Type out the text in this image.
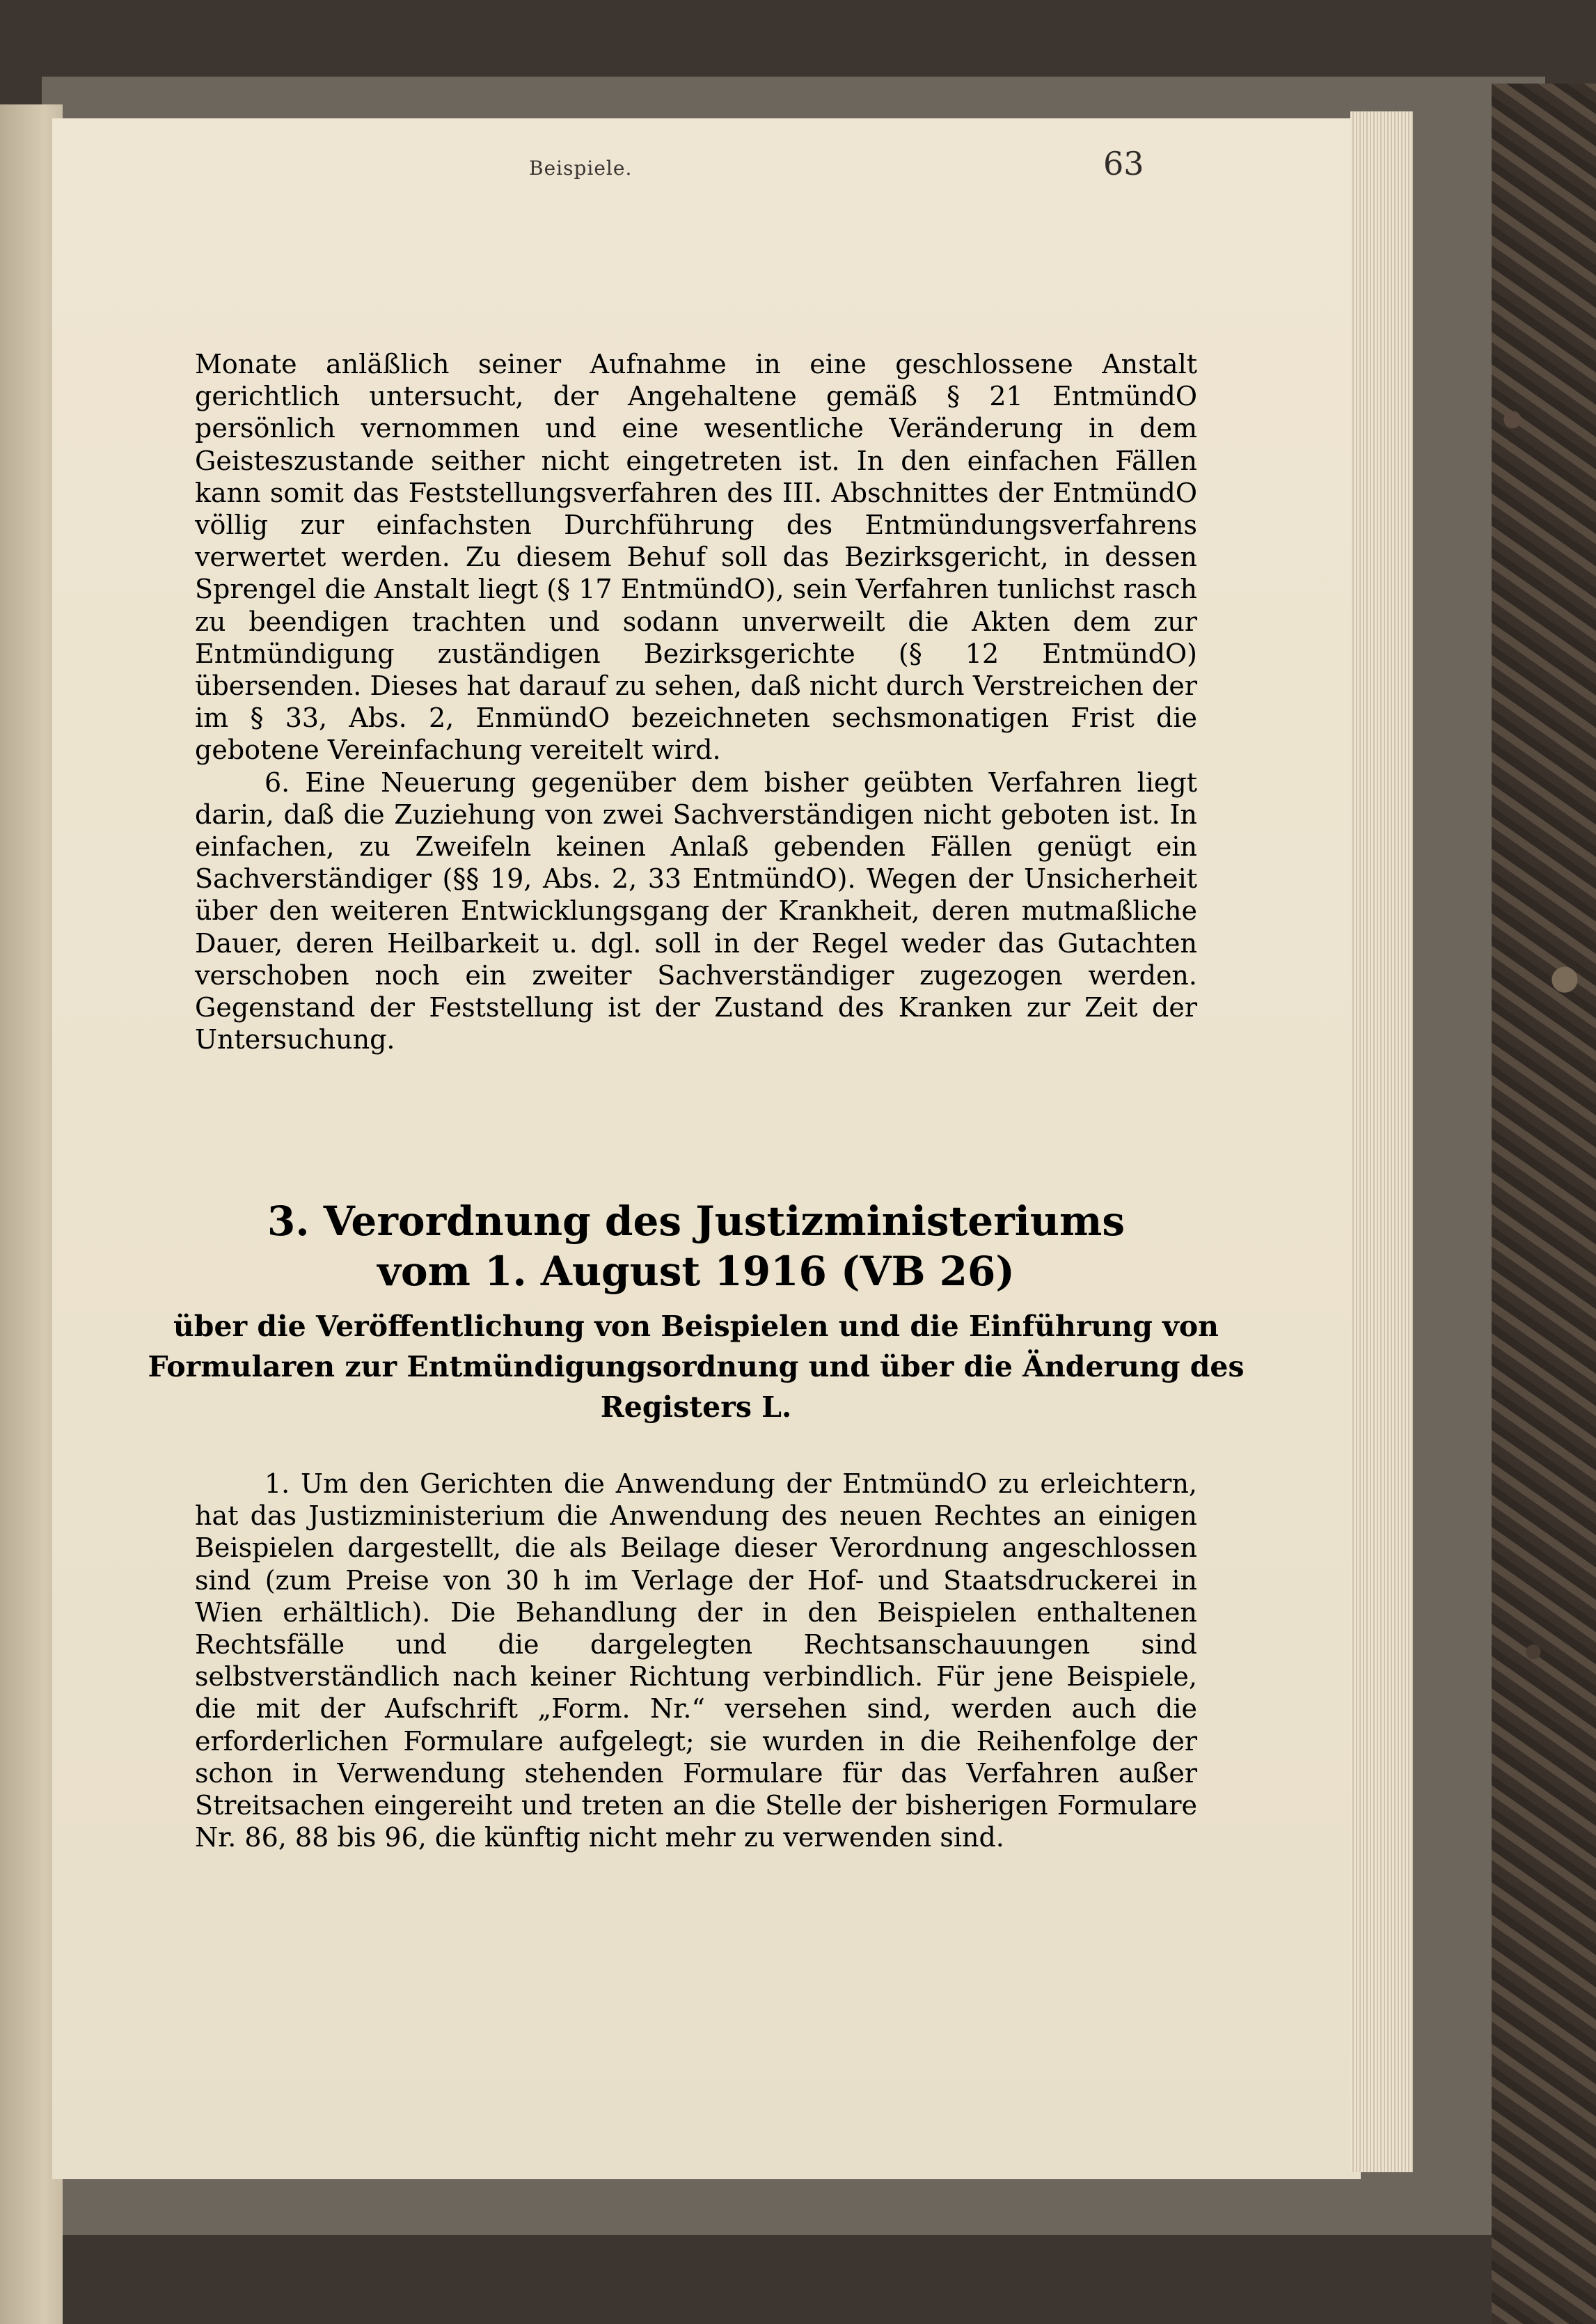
Beispiele.	63

Monate anläßlich seiner Aufnahme in eine geschlossene Anstalt gerichtlich untersucht, der Angehaltene gemäß § 21 EntmündO persönlich vernommen und eine wesentliche Veränderung in dem Geisteszustande seither nicht eingetreten ist. In den einfachen Fällen kann somit das Feststellungsverfahren des III. Abschnittes der EntmündO völlig zur einfachsten Durchführung des Entmündungsverfahrens verwertet werden. Zu diesem Behuf soll das Bezirksgericht, in dessen Sprengel die Anstalt liegt (§ 17 EntmündO), sein Verfahren tunlichst rasch zu beendigen trachten und sodann unverweilt die Akten dem zur Entmündigung zuständigen Bezirksgerichte (§ 12 EntmündO) übersenden. Dieses hat darauf zu sehen, daß nicht durch Verstreichen der im § 33, Abs. 2, EnmündO bezeichneten sechsmonatigen Frist die gebotene Vereinfachung vereitelt wird.

6. Eine Neuerung gegenüber dem bisher geübten Verfahren liegt darin, daß die Zuziehung von zwei Sachverständigen nicht geboten ist. In einfachen, zu Zweifeln keinen Anlaß gebenden Fällen genügt ein Sachverständiger (§§ 19, Abs. 2, 33 EntmündO). Wegen der Unsicherheit über den weiteren Entwicklungsgang der Krankheit, deren mutmaßliche Dauer, deren Heilbarkeit u. dgl. soll in der Regel weder das Gutachten verschoben noch ein zweiter Sachverständiger zugezogen werden. Gegenstand der Feststellung ist der Zustand des Kranken zur Zeit der Untersuchung.

3. Verordnung des Justizministeriums

vom 1. August 1916 (VB 26)

über die Veröffentlichung von Beispielen und die Einführung von Formularen zur Entmündigungsordnung und über die Änderung des Registers L.

1. Um den Gerichten die Anwendung der EntmündO zu erleichtern, hat das Justizministerium die Anwendung des neuen Rechtes an einigen Beispielen dargestellt, die als Beilage dieser Verordnung angeschlossen sind (zum Preise von 30 h im Verlage der Hof- und Staatsdruckerei in Wien erhältlich). Die Behandlung der in den Beispielen enthaltenen Rechtsfälle und die dargelegten Rechtsanschauungen sind selbstverständlich nach keiner Richtung verbindlich. Für jene Beispiele, die mit der Aufschrift „Form. Nr.“ versehen sind, werden auch die erforderlichen Formulare aufgelegt; sie wurden in die Reihenfolge der schon in Verwendung stehenden Formulare für das Verfahren außer Streitsachen eingereiht und treten an die Stelle der bisherigen Formulare Nr. 86, 88 bis 96, die künftig nicht mehr zu verwenden sind.
